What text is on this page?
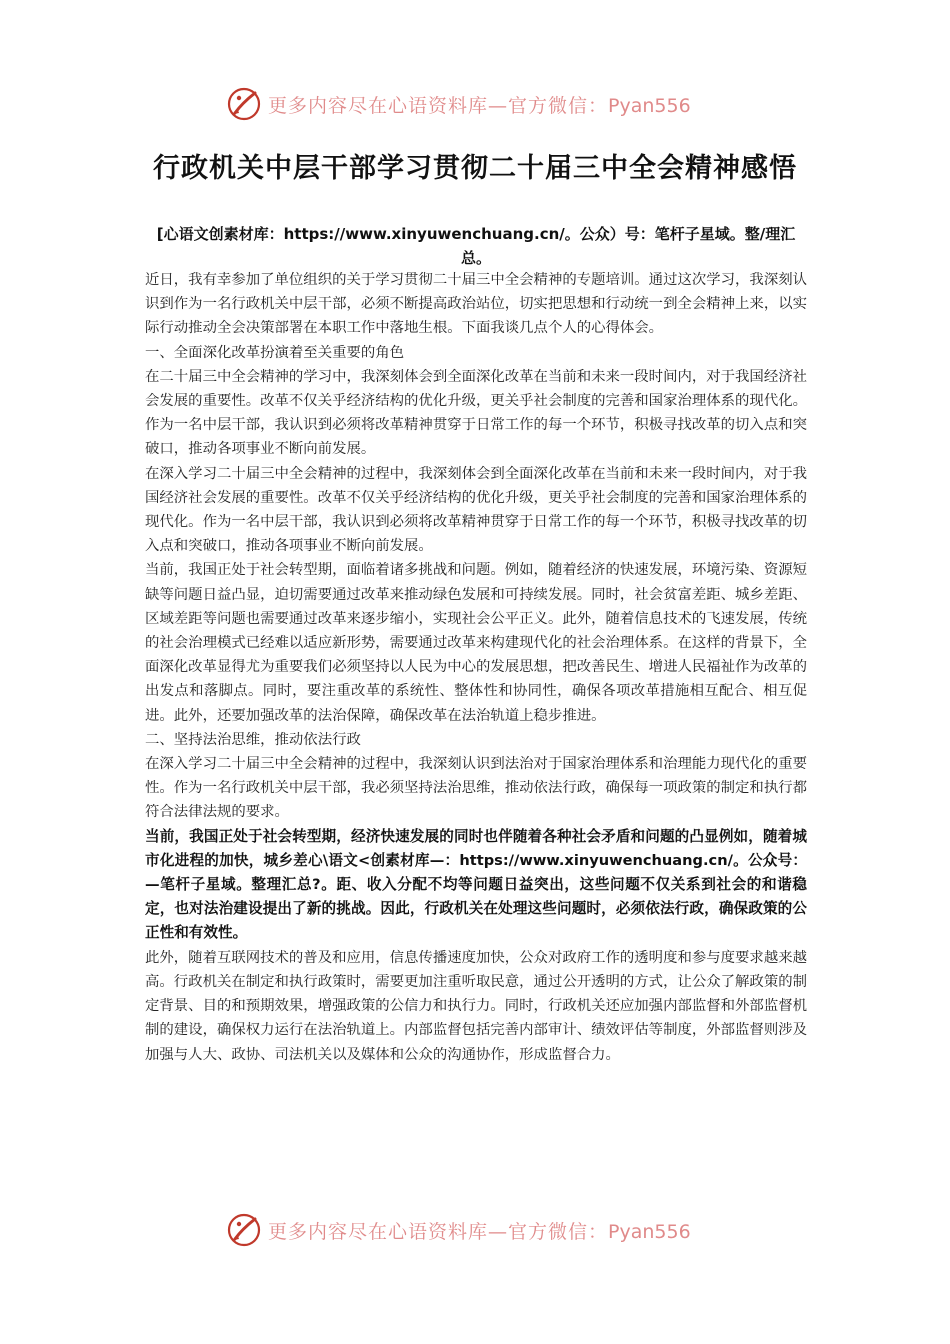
更多内容尽在心语资料库—官方微信：Pyan556
行政机关中层干部学习贯彻二十届三中全会精神感悟
[心语文创素材库：https://www.xinyuwenchuang.cn/。公众）号：笔杆子星域。整/理汇总。

近日，我有幸参加了单位组织的关于学习贯彻二十届三中全会精神的专题培训。通过这次学习，我深刻认识到作为一名行政机关中层干部，必须不断提高政治站位，切实把思想和行动统一到全会精神上来，以实际行动推动全会决策部署在本职工作中落地生根。下面我谈几点个人的心得体会。

一、全面深化改革扮演着至关重要的角色

在二十届三中全会精神的学习中，我深刻体会到全面深化改革在当前和未来一段时间内，对于我国经济社会发展的重要性。改革不仅关乎经济结构的优化升级，更关乎社会制度的完善和国家治理体系的现代化。作为一名中层干部，我认识到必须将改革精神贯穿于日常工作的每一个环节，积极寻找改革的切入点和突破口，推动各项事业不断向前发展。

在深入学习二十届三中全会精神的过程中，我深刻体会到全面深化改革在当前和未来一段时间内，对于我国经济社会发展的重要性。改革不仅关乎经济结构的优化升级，更关乎社会制度的完善和国家治理体系的现代化。作为一名中层干部，我认识到必须将改革精神贯穿于日常工作的每一个环节，积极寻找改革的切入点和突破口，推动各项事业不断向前发展。

当前，我国正处于社会转型期，面临着诸多挑战和问题。例如，随着经济的快速发展，环境污染、资源短缺等问题日益凸显，迫切需要通过改革来推动绿色发展和可持续发展。同时，社会贫富差距、城乡差距、区域差距等问题也需要通过改革来逐步缩小，实现社会公平正义。此外，随着信息技术的飞速发展，传统的社会治理模式已经难以适应新形势，需要通过改革来构建现代化的社会治理体系。在这样的背景下，全面深化改革显得尤为重要我们必须坚持以人民为中心的发展思想，把改善民生、增进人民福祉作为改革的出发点和落脚点。同时，要注重改革的系统性、整体性和协同性，确保各项改革措施相互配合、相互促进。此外，还要加强改革的法治保障，确保改革在法治轨道上稳步推进。

二、坚持法治思维，推动依法行政

在深入学习二十届三中全会精神的过程中，我深刻认识到法治对于国家治理体系和治理能力现代化的重要性。作为一名行政机关中层干部，我必须坚持法治思维，推动依法行政，确保每一项政策的制定和执行都符合法律法规的要求。

当前，我国正处于社会转型期，经济快速发展的同时也伴随着各种社会矛盾和问题的凸显例如，随着城市化进程的加快，城乡差心\语文<创素材库—：https://www.xinyuwenchuang.cn/。公众号：—笔杆子星域。整理汇总?。距、收入分配不均等问题日益突出，这些问题不仅关系到社会的和谐稳定，也对法治建设提出了新的挑战。因此，行政机关在处理这些问题时，必须依法行政，确保政策的公正性和有效性。

此外，随着互联网技术的普及和应用，信息传播速度加快，公众对政府工作的透明度和参与度要求越来越高。行政机关在制定和执行政策时，需要更加注重听取民意，通过公开透明的方式，让公众了解政策的制定背景、目的和预期效果，增强政策的公信力和执行力。同时，行政机关还应加强内部监督和外部监督机制的建设，确保权力运行在法治轨道上。内部监督包括完善内部审计、绩效评估等制度，外部监督则涉及加强与人大、政协、司法机关以及媒体和公众的沟通协作，形成监督合力。

更多内容尽在心语资料库—官方微信：Pyan556
